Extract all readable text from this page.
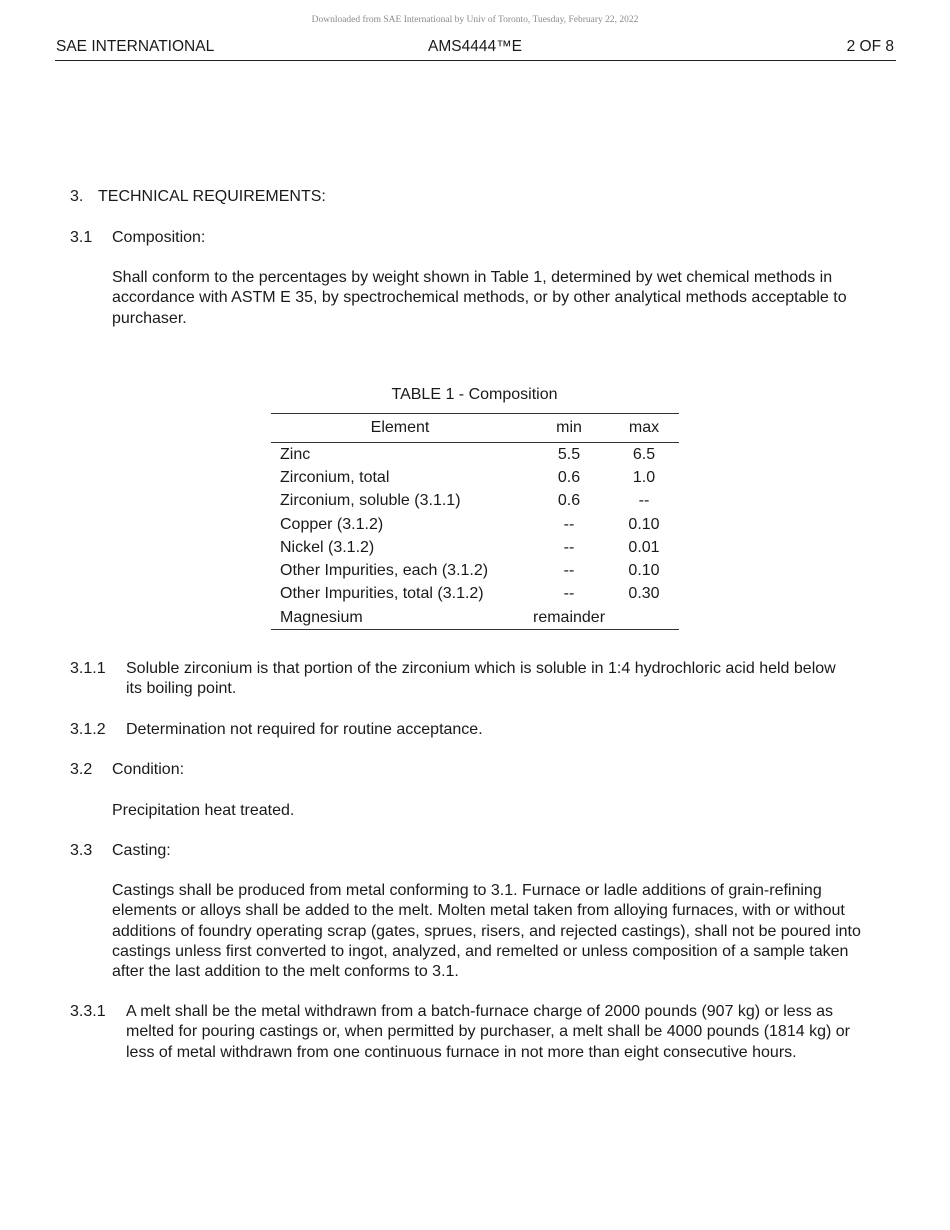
Downloaded from SAE International by Univ of Toronto, Tuesday, February 22, 2022
SAE INTERNATIONAL	AMS4444™E	2 OF 8
3. TECHNICAL REQUIREMENTS:
3.1 Composition:
Shall conform to the percentages by weight shown in Table 1, determined by wet chemical methods in accordance with ASTM E 35, by spectrochemical methods, or by other analytical methods acceptable to purchaser.
TABLE 1 - Composition
Element	min	max
Zinc	5.5	6.5
Zirconium, total	0.6	1.0
Zirconium, soluble (3.1.1)	0.6	--
Copper (3.1.2)	--	0.10
Nickel (3.1.2)	--	0.01
Other Impurities, each (3.1.2)	--	0.10
Other Impurities, total (3.1.2)	--	0.30
Magnesium	remainder	
3.1.1 Soluble zirconium is that portion of the zirconium which is soluble in 1:4 hydrochloric acid held below its boiling point.
3.1.2 Determination not required for routine acceptance.
3.2 Condition:
Precipitation heat treated.
3.3 Casting:
Castings shall be produced from metal conforming to 3.1. Furnace or ladle additions of grain-refining elements or alloys shall be added to the melt. Molten metal taken from alloying furnaces, with or without additions of foundry operating scrap (gates, sprues, risers, and rejected castings), shall not be poured into castings unless first converted to ingot, analyzed, and remelted or unless composition of a sample taken after the last addition to the melt conforms to 3.1.
3.3.1 A melt shall be the metal withdrawn from a batch-furnace charge of 2000 pounds (907 kg) or less as melted for pouring castings or, when permitted by purchaser, a melt shall be 4000 pounds (1814 kg) or less of metal withdrawn from one continuous furnace in not more than eight consecutive hours.
